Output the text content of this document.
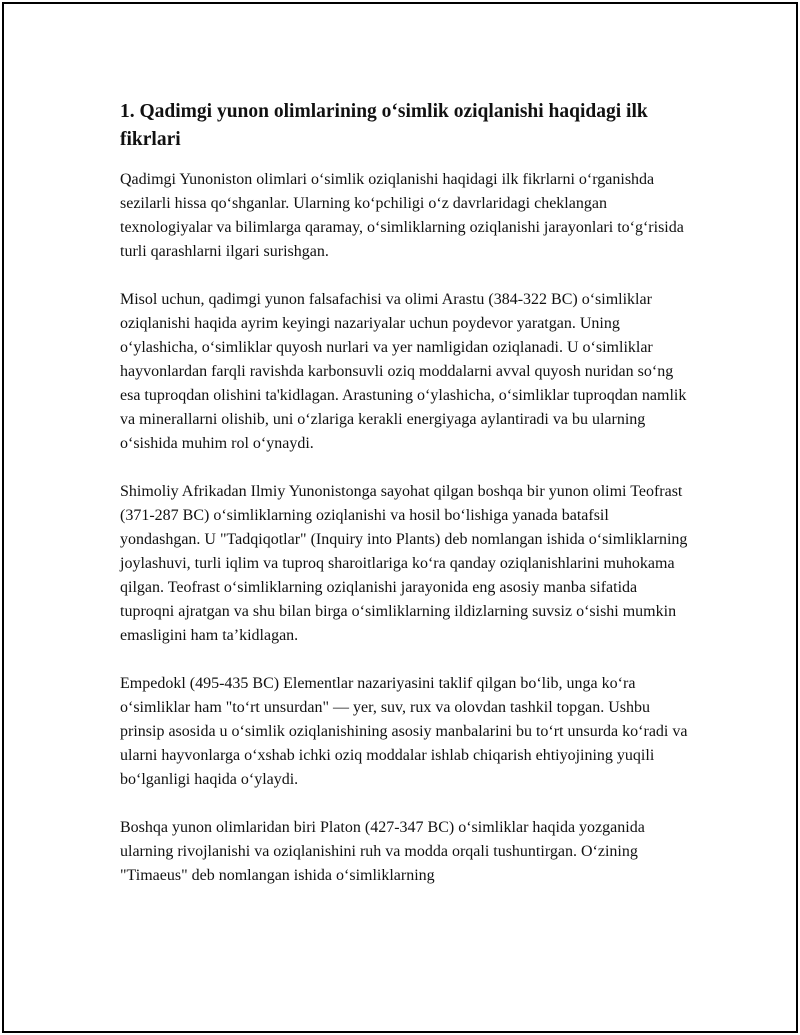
1. Qadimgi yunon olimlarining o‘simlik oziqlanishi haqidagi ilk fikrlari

Qadimgi Yunoniston olimlari o‘simlik oziqlanishi haqidagi ilk fikrlarni o‘rganishda sezilarli hissa qo‘shganlar. Ularning ko‘pchiligi o‘z davrlaridagi cheklangan texnologiyalar va bilimlarga qaramay, o‘simliklarning oziqlanishi jarayonlari to‘g‘risida turli qarashlarni ilgari surishgan.

Misol uchun, qadimgi yunon falsafachisi va olimi Arastu (384-322 BC) o‘simliklar oziqlanishi haqida ayrim keyingi nazariyalar uchun poydevor yaratgan. Uning o‘ylashicha, o‘simliklar quyosh nurlari va yer namligidan oziqlanadi. U o‘simliklar hayvonlardan farqli ravishda karbonsuvli oziq moddalarni avval quyosh nuridan so‘ng esa tuproqdan olishini ta'kidlagan. Arastuning o‘ylashicha, o‘simliklar tuproqdan namlik va minerallarni olishib, uni o‘zlariga kerakli energiyaga aylantiradi va bu ularning o‘sishida muhim rol o‘ynaydi.

Shimoliy Afrikadan Ilmiy Yunonistonga sayohat qilgan boshqa bir yunon olimi Teofrast (371-287 BC) o‘simliklarning oziqlanishi va hosil bo‘lishiga yanada batafsil yondashgan. U "Tadqiqotlar" (Inquiry into Plants) deb nomlangan ishida o‘simliklarning joylashuvi, turli iqlim va tuproq sharoitlariga ko‘ra qanday oziqlanishlarini muhokama qilgan. Teofrast o‘simliklarning oziqlanishi jarayonida eng asosiy manba sifatida tuproqni ajratgan va shu bilan birga o‘simliklarning ildizlarning suvsiz o‘sishi mumkin emasligini ham ta’kidlagan.

Empedokl (495-435 BC) Elementlar nazariyasini taklif qilgan bo‘lib, unga ko‘ra o‘simliklar ham "to‘rt unsurdan" — yer, suv, rux va olovdan tashkil topgan. Ushbu prinsip asosida u o‘simlik oziqlanishining asosiy manbalarini bu to‘rt unsurda ko‘radi va ularni hayvonlarga o‘xshab ichki oziq moddalar ishlab chiqarish ehtiyojining yuqili bo‘lganligi haqida o‘ylaydi.

Boshqa yunon olimlaridan biri Platon (427-347 BC) o‘simliklar haqida yozganida ularning rivojlanishi va oziqlanishini ruh va modda orqali tushuntirgan. O‘zining "Timaeus" deb nomlangan ishida o‘simliklarning
